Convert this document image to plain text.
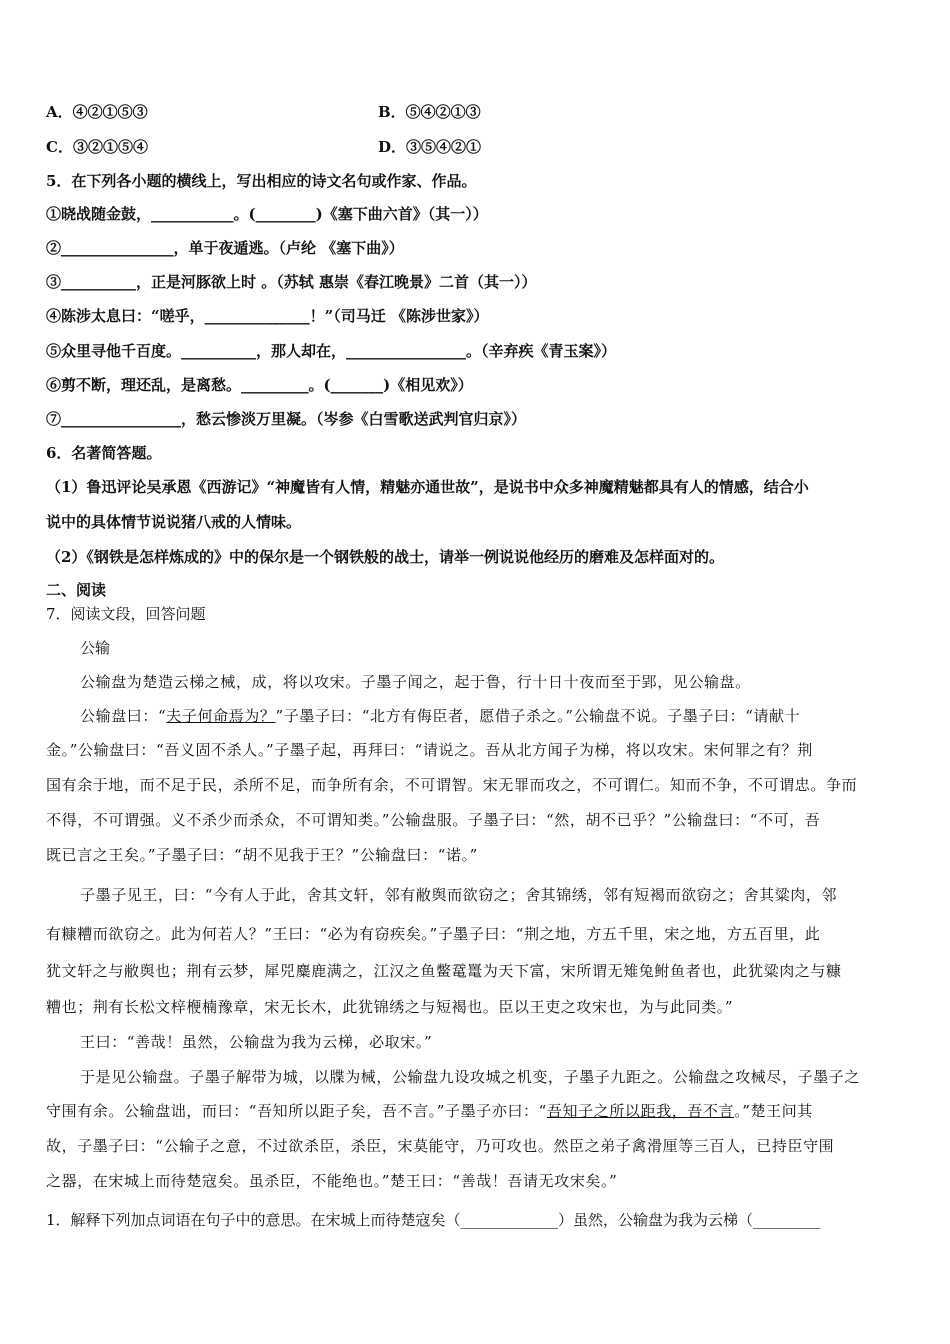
A．④②①⑤③	B．⑤④②①③
C．③②①⑤④	D．③⑤④②①
5．在下列各小题的横线上，写出相应的诗文名句或作家、作品。
①晓战随金鼓，___________。(________)《塞下曲六首》（其一））
②_______________，单于夜遁逃。（卢纶 《塞下曲》）
③__________，正是河豚欲上时 。（苏轼 惠崇《春江晚景》二首（其一））
④陈涉太息曰：“嗟乎，______________！”（司马迁 《陈涉世家》）
⑤众里寻他千百度。__________，那人却在，________________。（辛弃疾《青玉案》）
⑥剪不断，理还乱，是离愁。_________。(_______)《相见欢》）
⑦________________，愁云惨淡万里凝。（岑参《白雪歌送武判官归京》）
6．名著简答题。
（1）鲁迅评论吴承恩《西游记》“神魔皆有人情，精魅亦通世故”，是说书中众多神魔精魅都具有人的情感，结合小
说中的具体情节说说猪八戒的人情味。
（2）《钢铁是怎样炼成的》中的保尔是一个钢铁般的战士，请举一例说说他经历的磨难及怎样面对的。
二、阅读
7．阅读文段，回答问题
公输
公输盘为楚造云梯之械，成，将以攻宋。子墨子闻之，起于鲁，行十日十夜而至于郢，见公输盘。
公输盘曰：“夫子何命焉为？”子墨子曰：“北方有侮臣者，愿借子杀之。”公输盘不说。子墨子曰：“请献十
金。”公输盘曰：“吾义固不杀人。”子墨子起，再拜曰：“请说之。吾从北方闻子为梯，将以攻宋。宋何罪之有？荆
国有余于地，而不足于民，杀所不足，而争所有余，不可谓智。宋无罪而攻之，不可谓仁。知而不争，不可谓忠。争而
不得，不可谓强。义不杀少而杀众，不可谓知类。”公输盘服。子墨子曰：“然，胡不已乎？”公输盘曰：“不可，吾
既已言之王矣。”子墨子曰：“胡不见我于王？”公输盘曰：“诺。”
子墨子见王，曰：“今有人于此，舍其文轩，邻有敝舆而欲窃之；舍其锦绣，邻有短褐而欲窃之；舍其粱肉，邻
有糠糟而欲窃之。此为何若人？”王曰：“必为有窃疾矣。”子墨子曰：“荆之地，方五千里，宋之地，方五百里，此
犹文轩之与敝舆也；荆有云梦，犀兕麋鹿满之，江汉之鱼鳖鼋鼍为天下富，宋所谓无雉兔鲋鱼者也，此犹粱肉之与糠
糟也；荆有长松文梓楩楠豫章，宋无长木，此犹锦绣之与短褐也。臣以王吏之攻宋也，为与此同类。”
王曰：“善哉！虽然，公输盘为我为云梯，必取宋。”
于是见公输盘。子墨子解带为城，以牒为械，公输盘九设攻城之机变，子墨子九距之。公输盘之攻械尽，子墨子之
守围有余。公输盘诎，而曰：“吾知所以距子矣，吾不言。”子墨子亦曰：“吾知子之所以距我，吾不言。”楚王问其
故，子墨子曰：“公输子之意，不过欲杀臣，杀臣，宋莫能守，乃可攻也。然臣之弟子禽滑厘等三百人，已持臣守围
之器，在宋城上而待楚寇矣。虽杀臣，不能绝也。”楚王曰：“善哉！吾请无攻宋矣。”
1．解释下列加点词语在句子中的意思。在宋城上而待楚寇矣（_____________）虽然，公输盘为我为云梯（_________
